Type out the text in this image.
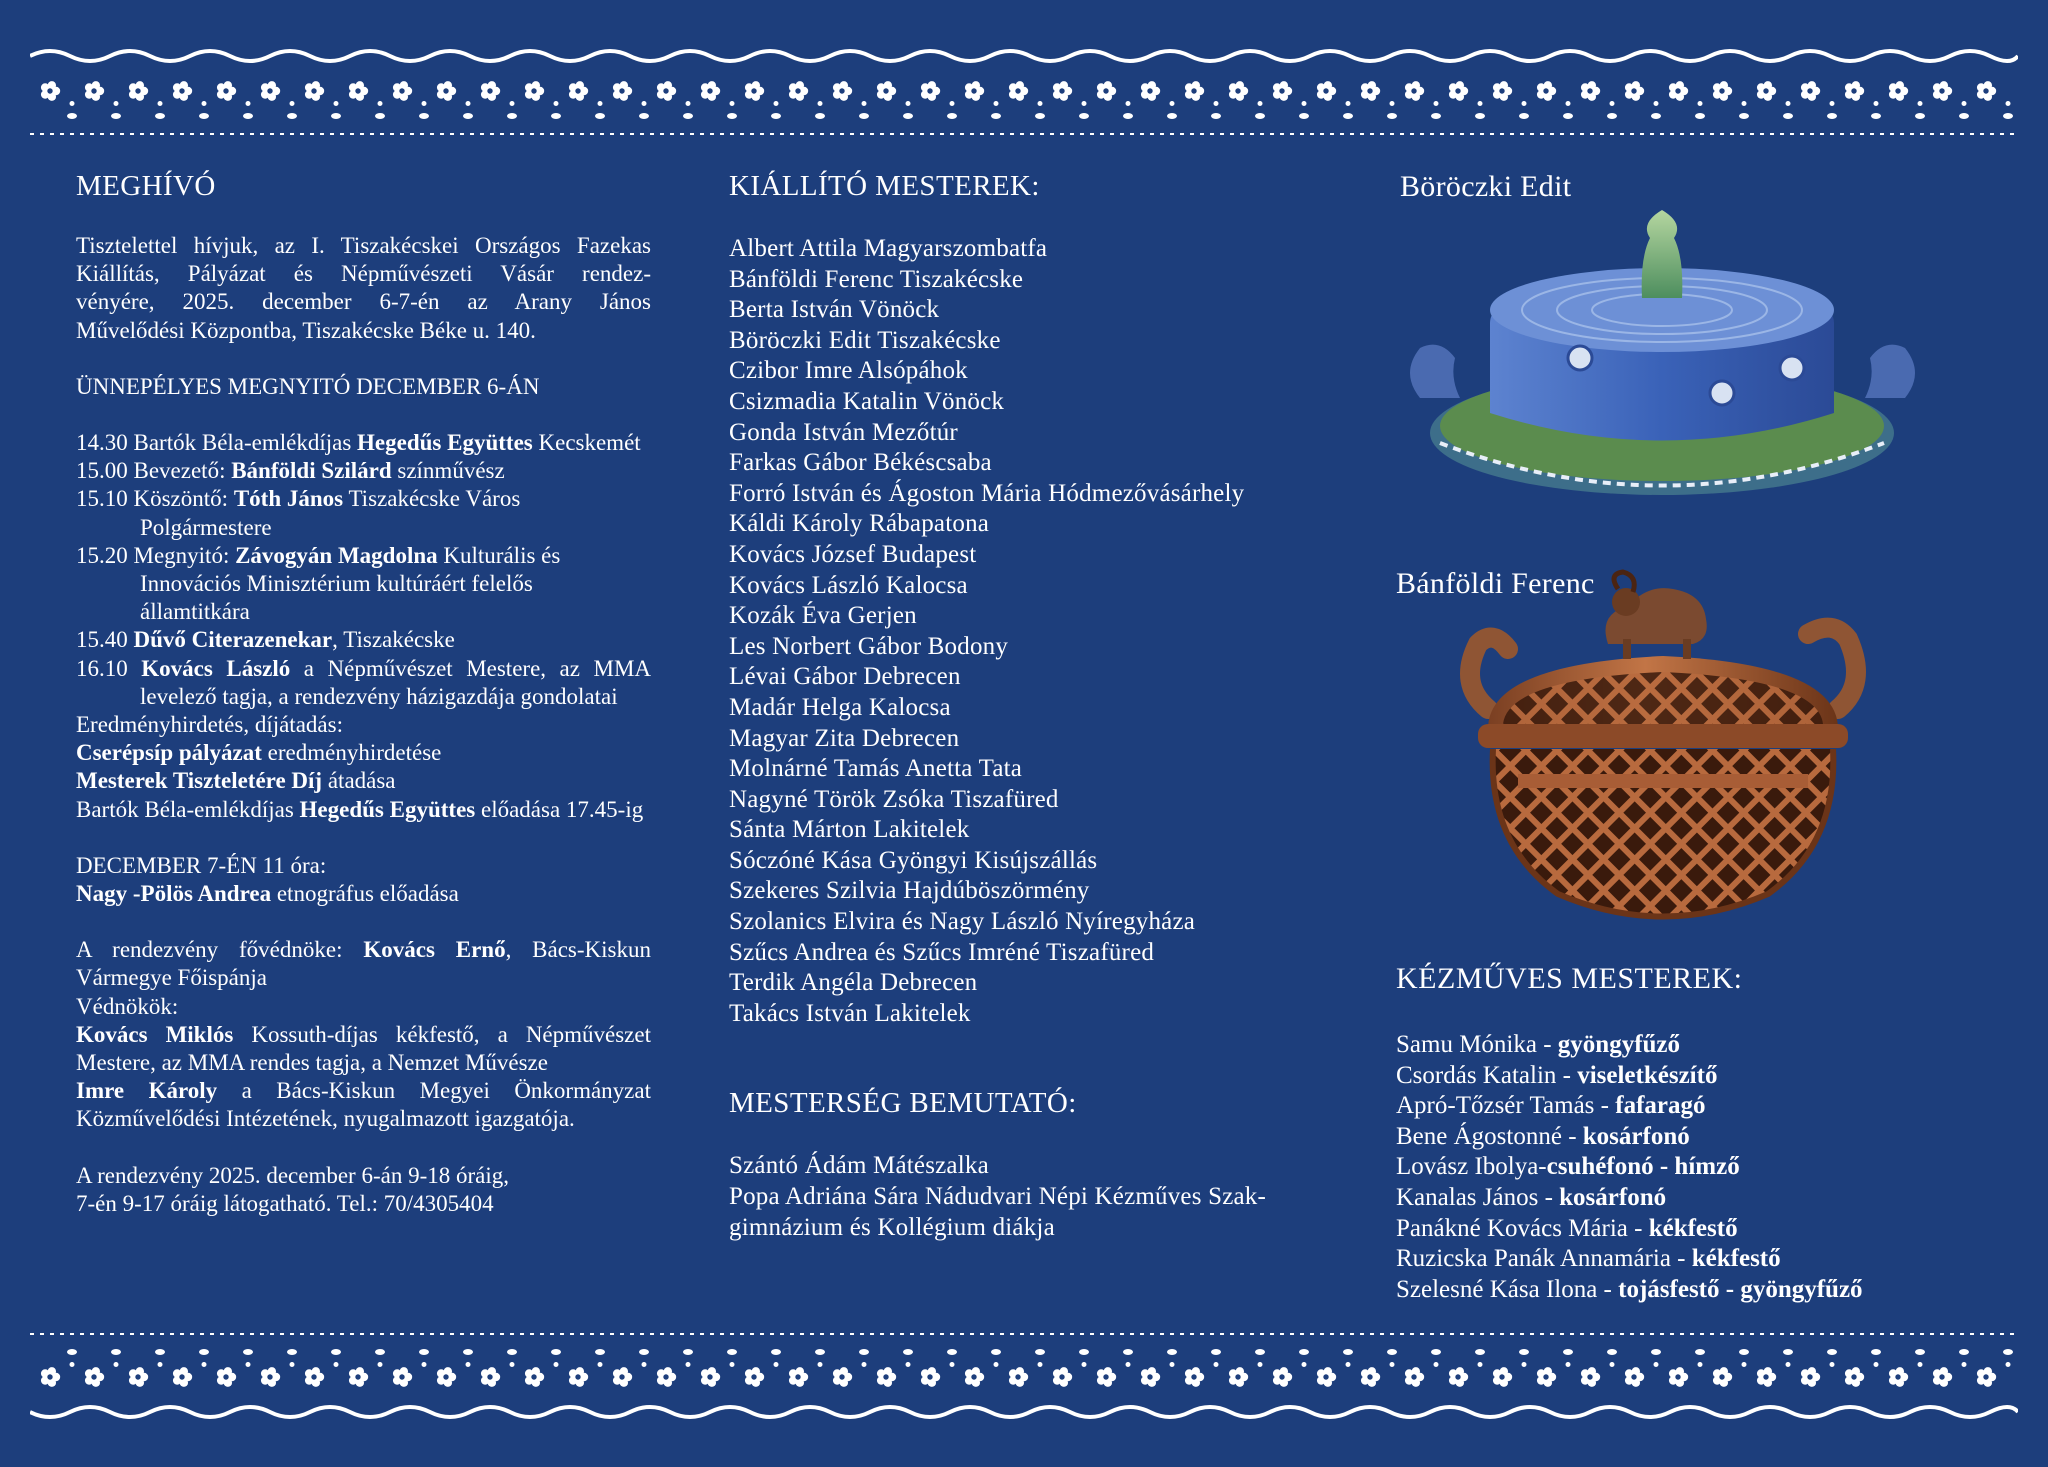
MEGHÍVÓ
Tisztelettel hívjuk, az I. Tiszakécskei Országos Fazekas
Kiállítás, Pályázat és Népművészeti Vásár rendez-
vényére, 2025. december 6-7-én az Arany János
Művelődési Központba, Tiszakécske Béke u. 140.
ÜNNEPÉLYES MEGNYITÓ DECEMBER 6-ÁN
14.30 Bartók Béla-emlékdíjas Hegedűs Együttes Kecskemét
15.00 Bevezető: Bánföldi Szilárd színművész
15.10 Köszöntő: Tóth János Tiszakécske Város Polgármestere
15.20 Megnyitó: Závogyán Magdolna Kulturális és Innovációs Minisztérium kultúráért felelős államtitkára
15.40 Dűvő Citerazenekar, Tiszakécske
16.10 Kovács László a Népművészet Mestere, az MMA levelező tagja, a rendezvény házigazdája gondolatai
Eredményhirdetés, díjátadás:
Cserépsíp pályázat eredményhirdetése
Mesterek Tiszteletére Díj átadása
Bartók Béla-emlékdíjas Hegedűs Együttes előadása 17.45-ig
DECEMBER 7-ÉN 11 óra:
Nagy -Pölös Andrea etnográfus előadása
A rendezvény fővédnöke: Kovács Ernő, Bács-Kiskun Vármegye Főispánja
Védnökök:
Kovács Miklós Kossuth-díjas kékfestő, a Népművészet Mestere, az MMA rendes tagja, a Nemzet Művésze
Imre Károly a Bács-Kiskun Megyei Önkormányzat Közművelődési Intézetének, nyugalmazott igazgatója.
A rendezvény 2025. december 6-án 9-18 óráig,
7-én 9-17 óráig látogatható. Tel.: 70/4305404
KIÁLLÍTÓ MESTEREK:
Albert Attila Magyarszombatfa
Bánföldi Ferenc Tiszakécske
Berta István Vönöck
Böröczki Edit Tiszakécske
Czibor Imre Alsópáhok
Csizmadia Katalin Vönöck
Gonda István Mezőtúr
Farkas Gábor Békéscsaba
Forró István és Ágoston Mária Hódmezővásárhely
Káldi Károly Rábapatona
Kovács József Budapest
Kovács László Kalocsa
Kozák Éva Gerjen
Les Norbert Gábor Bodony
Lévai Gábor Debrecen
Madár Helga Kalocsa
Magyar Zita Debrecen
Molnárné Tamás Anetta Tata
Nagyné Török Zsóka Tiszafüred
Sánta Márton Lakitelek
Sóczóné Kása Gyöngyi Kisújszállás
Szekeres Szilvia Hajdúböszörmény
Szolanics Elvira és Nagy László Nyíregyháza
Szűcs Andrea és Szűcs Imréné Tiszafüred
Terdik Angéla Debrecen
Takács István Lakitelek
MESTERSÉG BEMUTATÓ:
Szántó Ádám Mátészalka
Popa Adriána Sára Nádudvari Népi Kézműves Szak-
gimnázium és Kollégium diákja
Böröczki Edit
Bánföldi Ferenc
KÉZMŰVES MESTEREK:
Samu Mónika - gyöngyfűző
Csordás Katalin - viseletkészítő
Apró-Tőzsér Tamás - fafaragó
Bene Ágostonné - kosárfonó
Lovász Ibolya-csuhéfonó - hímző
Kanalas János - kosárfonó
Panákné Kovács Mária - kékfestő
Ruzicska Panák Annamária - kékfestő
Szelesné Kása Ilona - tojásfestő - gyöngyfűző
